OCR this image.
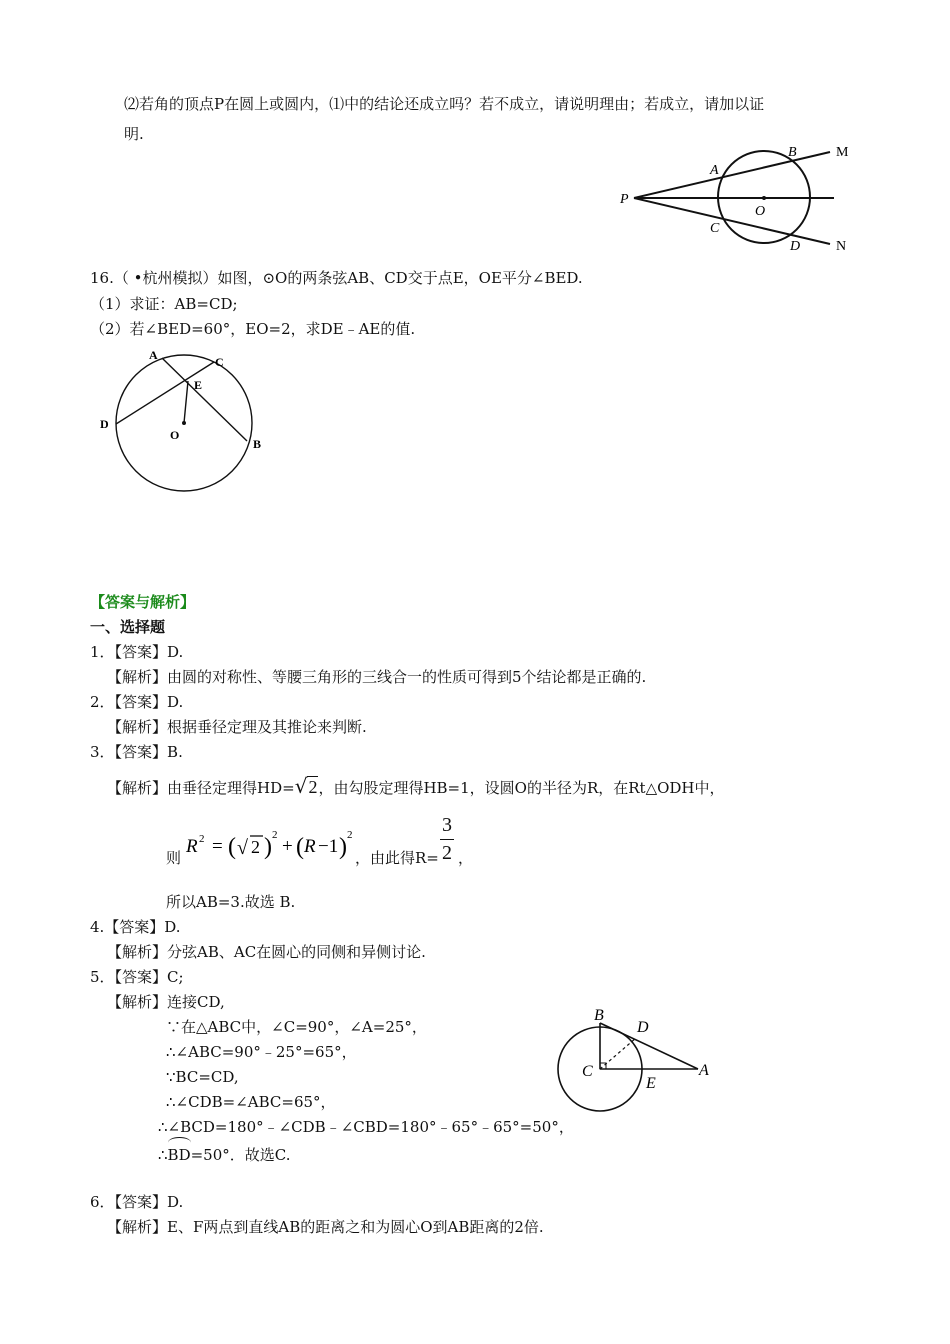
⑵若角的顶点P在圆上或圆内，⑴中的结论还成立吗？若不成立，请说明理由；若成立，请加以证
明.
P
A
B	M
O
C
D	N
16.（ •杭州模拟）如图，⊙O的两条弦AB、CD交于点E，OE平分∠BED.
（1）求证：AB=CD;
（2）若∠BED=60°，EO=2，求DE﹣AE的值.
A	C
E
D
O
B
【答案与解析】
一、选择题
1．【答案】D.
【解析】由圆的对称性、等腰三角形的三线合一的性质可得到5个结论都是正确的.
2．【答案】D.
【解析】根据垂径定理及其推论来判断.
3．【答案】B.
【解析】由垂径定理得HD=√2，由勾股定理得HB=1，设圆O的半径为R，在Rt△ODH中，
则
R 2 = ( √ 2 ) 2
+ ( R −1 ) 2
，由此得R=
3
2 ，
所以AB=3.故选 B.
4.【答案】D.
【解析】分弦AB、AC在圆心的同侧和异侧讨论.
5．【答案】C;
【解析】连接CD,
∵在△ABC中，∠C=90°，∠A=25°，
∴∠ABC=90°﹣25°=65°，
∵BC=CD,
∴∠CDB=∠ABC=65°，
∴∠BCD=180°﹣∠CDB﹣∠CBD=180°﹣65°﹣65°=50°，
∴BD=50°．故选C.
B
D
C
E
A
6．【答案】D.
【解析】E、F两点到直线AB的距离之和为圆心O到AB距离的2倍.
